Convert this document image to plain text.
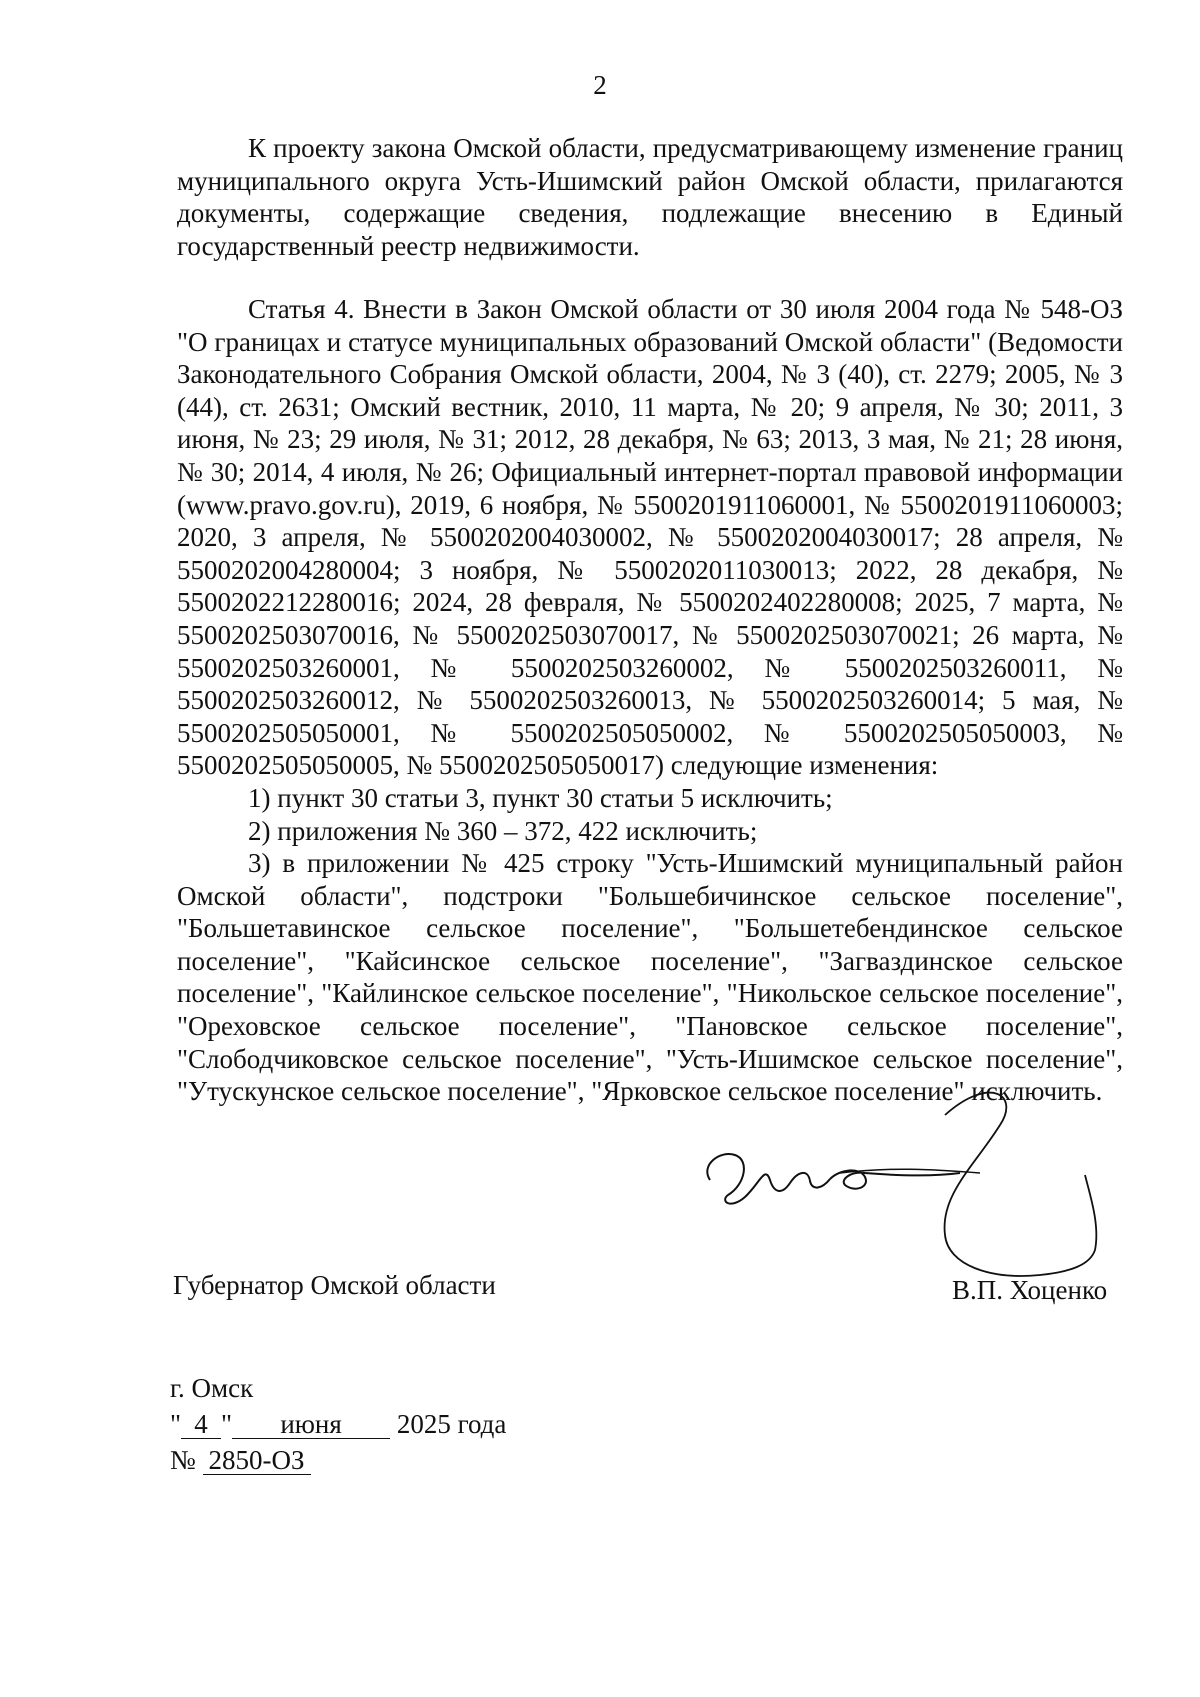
2

К проекту закона Омской области, предусматривающему изменение границ муниципального округа Усть-Ишимский район Омской области, прилагаются документы, содержащие сведения, подлежащие внесению в Единый государственный реестр недвижимости.

Статья 4. Внести в Закон Омской области от 30 июля 2004 года № 548-ОЗ "О границах и статусе муниципальных образований Омской области" (Ведомости Законодательного Собрания Омской области, 2004, № 3 (40), ст. 2279; 2005, № 3 (44), ст. 2631; Омский вестник, 2010, 11 марта, № 20; 9 апреля, № 30; 2011, 3 июня, № 23; 29 июля, № 31; 2012, 28 декабря, № 63; 2013, 3 мая, № 21; 28 июня, № 30; 2014, 4 июля, № 26; Официальный интернет-портал правовой информации (www.pravo.gov.ru), 2019, 6 ноября, № 5500201911060001, № 5500201911060003; 2020, 3 апреля, № 5500202004030002, № 5500202004030017; 28 апреля, № 5500202004280004; 3 ноября, № 5500202011030013; 2022, 28 декабря, № 5500202212280016; 2024, 28 февраля, № 5500202402280008; 2025, 7 марта, № 5500202503070016, № 5500202503070017, № 5500202503070021; 26 марта, № 5500202503260001, № 5500202503260002, № 5500202503260011, № 5500202503260012, № 5500202503260013, № 5500202503260014; 5 мая, № 5500202505050001, № 5500202505050002, № 5500202505050003, № 5500202505050005, № 5500202505050017) следующие изменения:

1) пункт 30 статьи 3, пункт 30 статьи 5 исключить;

2) приложения № 360 – 372, 422 исключить;

3) в приложении № 425 строку "Усть-Ишимский муниципальный район Омской области", подстроки "Большебичинское сельское поселение", "Большетавинское сельское поселение", "Большетебендинское сельское поселение", "Кайсинское сельское поселение", "Загваздинское сельское поселение", "Кайлинское сельское поселение", "Никольское сельское поселение", "Ореховское сельское поселение", "Пановское сельское поселение", "Слободчиковское сельское поселение", "Усть-Ишимское сельское поселение", "Утускунское сельское поселение", "Ярковское сельское поселение" исключить.

Губернатор Омской области	В.П. Хоценко
г. Омск
" 4 " июня 2025 года
№ 2850-ОЗ
